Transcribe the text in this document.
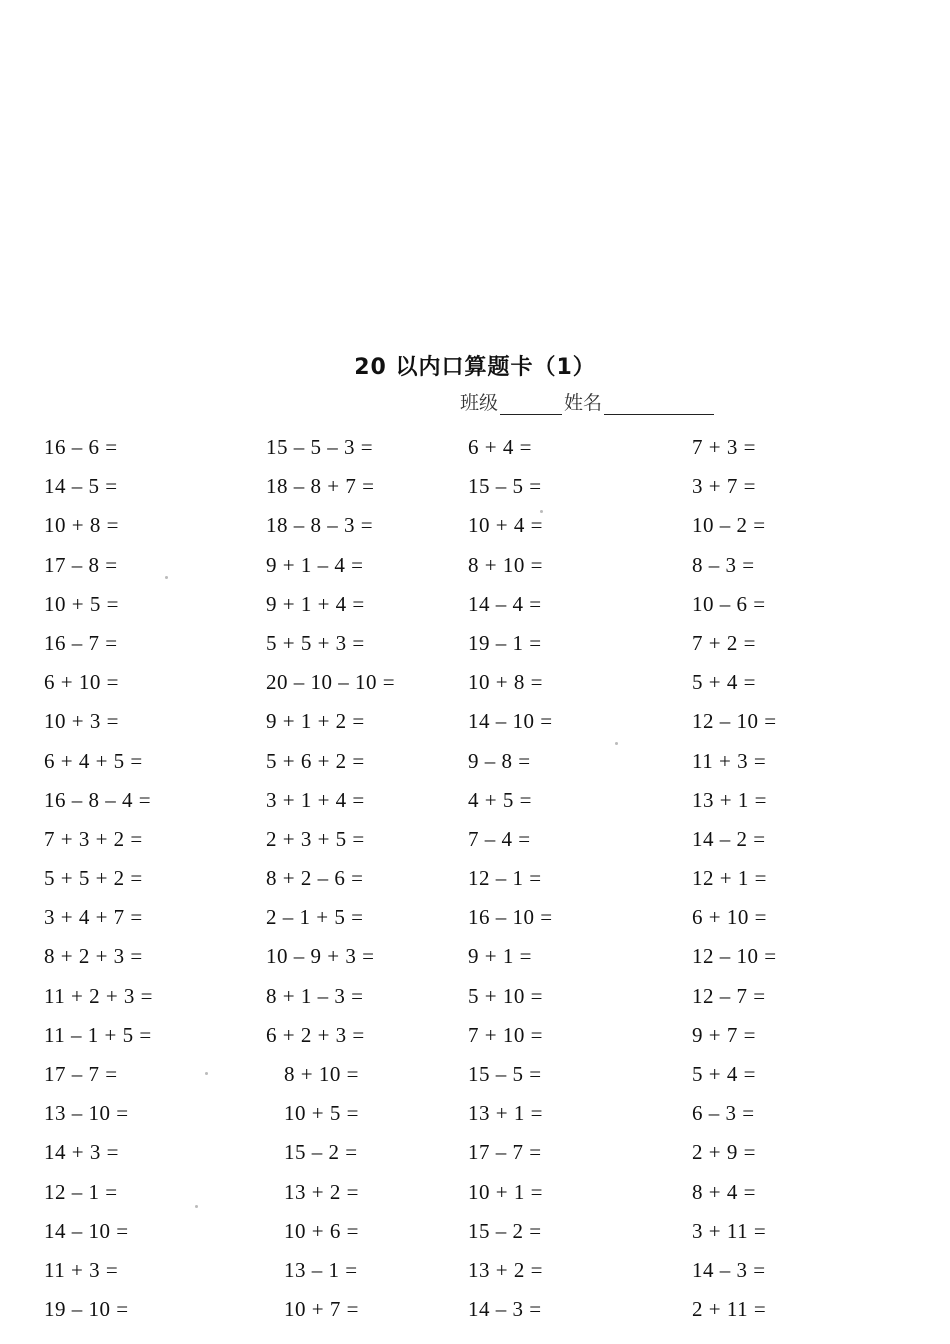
20 以内口算题卡（1）
班级	姓名
16 – 6 =
14 – 5 =
10 + 8 =
17 – 8 =
10 + 5 =
16 – 7 =
6 + 10 =
10 + 3 =
6 + 4 + 5 =
16 – 8 – 4 =
7 + 3 + 2 =
5 + 5 + 2 =
3 + 4 + 7 =
8 + 2 + 3 =
11 + 2 + 3 =
11 – 1 + 5 =
17 – 7 =
13 – 10 =
14 + 3 =
12 – 1 =
14 – 10 =
11 + 3 =
19 – 10 =
15 – 5 – 3 =
18 – 8 + 7 =
18 – 8 – 3 =
9 + 1 – 4 =
9 + 1 + 4 =
5 + 5 + 3 =
20 – 10 – 10 =
9 + 1 + 2 =
5 + 6 + 2 =
3 + 1 + 4 =
2 + 3 + 5 =
8 + 2 – 6 =
2 – 1 + 5 =
10 – 9 + 3 =
8 + 1 – 3 =
6 + 2 + 3 =
8 + 10 =
10 + 5 =
15 – 2 =
13 + 2 =
10 + 6 =
13 – 1 =
10 + 7 =
6 + 4 =
15 – 5 =
10 + 4 =
8 + 10 =
14 – 4 =
19 – 1 =
10 + 8 =
14 – 10 =
9 – 8 =
4 + 5 =
7 – 4 =
12 – 1 =
16 – 10 =
9 + 1 =
5 + 10 =
7 + 10 =
15 – 5 =
13 + 1 =
17 – 7 =
10 + 1 =
15 – 2 =
13 + 2 =
14 – 3 =
7 + 3 =
3 + 7 =
10 – 2 =
8 – 3 =
10 – 6 =
7 + 2 =
5 + 4 =
12 – 10 =
11 + 3 =
13 + 1 =
14 – 2 =
12 + 1 =
6 + 10 =
12 – 10 =
12 – 7 =
9 + 7 =
5 + 4 =
6 – 3 =
2 + 9 =
8 + 4 =
3 + 11 =
14 – 3 =
2 + 11 =
